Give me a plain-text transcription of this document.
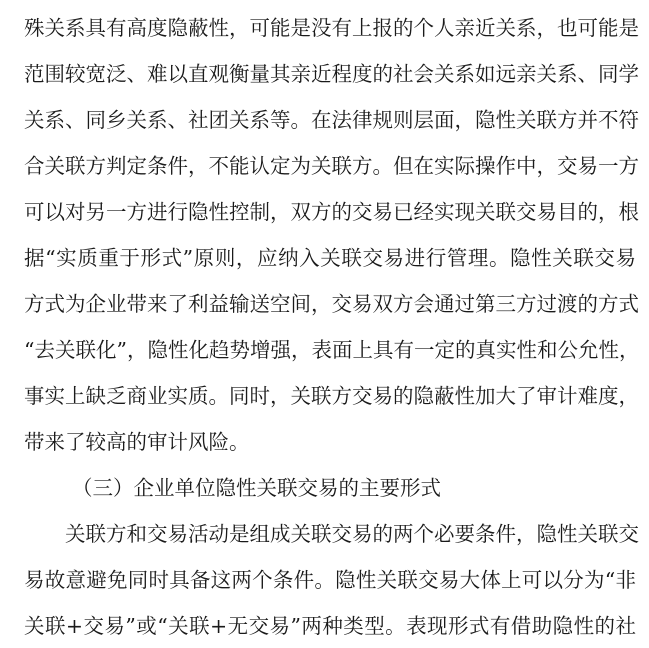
殊关系具有高度隐蔽性，可能是没有上报的个人亲近关系，也可能是
范围较宽泛、难以直观衡量其亲近程度的社会关系如远亲关系、同学
关系、同乡关系、社团关系等。在法律规则层面，隐性关联方并不符
合关联方判定条件，不能认定为关联方。但在实际操作中，交易一方
可以对另一方进行隐性控制，双方的交易已经实现关联交易目的，根
据“实质重于形式”原则，应纳入关联交易进行管理。隐性关联交易
方式为企业带来了利益输送空间，交易双方会通过第三方过渡的方式
“去关联化”，隐性化趋势增强，表面上具有一定的真实性和公允性，
事实上缺乏商业实质。同时，关联方交易的隐蔽性加大了审计难度，
带来了较高的审计风险。
（三）企业单位隐性关联交易的主要形式
关联方和交易活动是组成关联交易的两个必要条件，隐性关联交
易故意避免同时具备这两个条件。隐性关联交易大体上可以分为“非
关联+交易”或“关联+无交易”两种类型。表现形式有借助隐性的社
